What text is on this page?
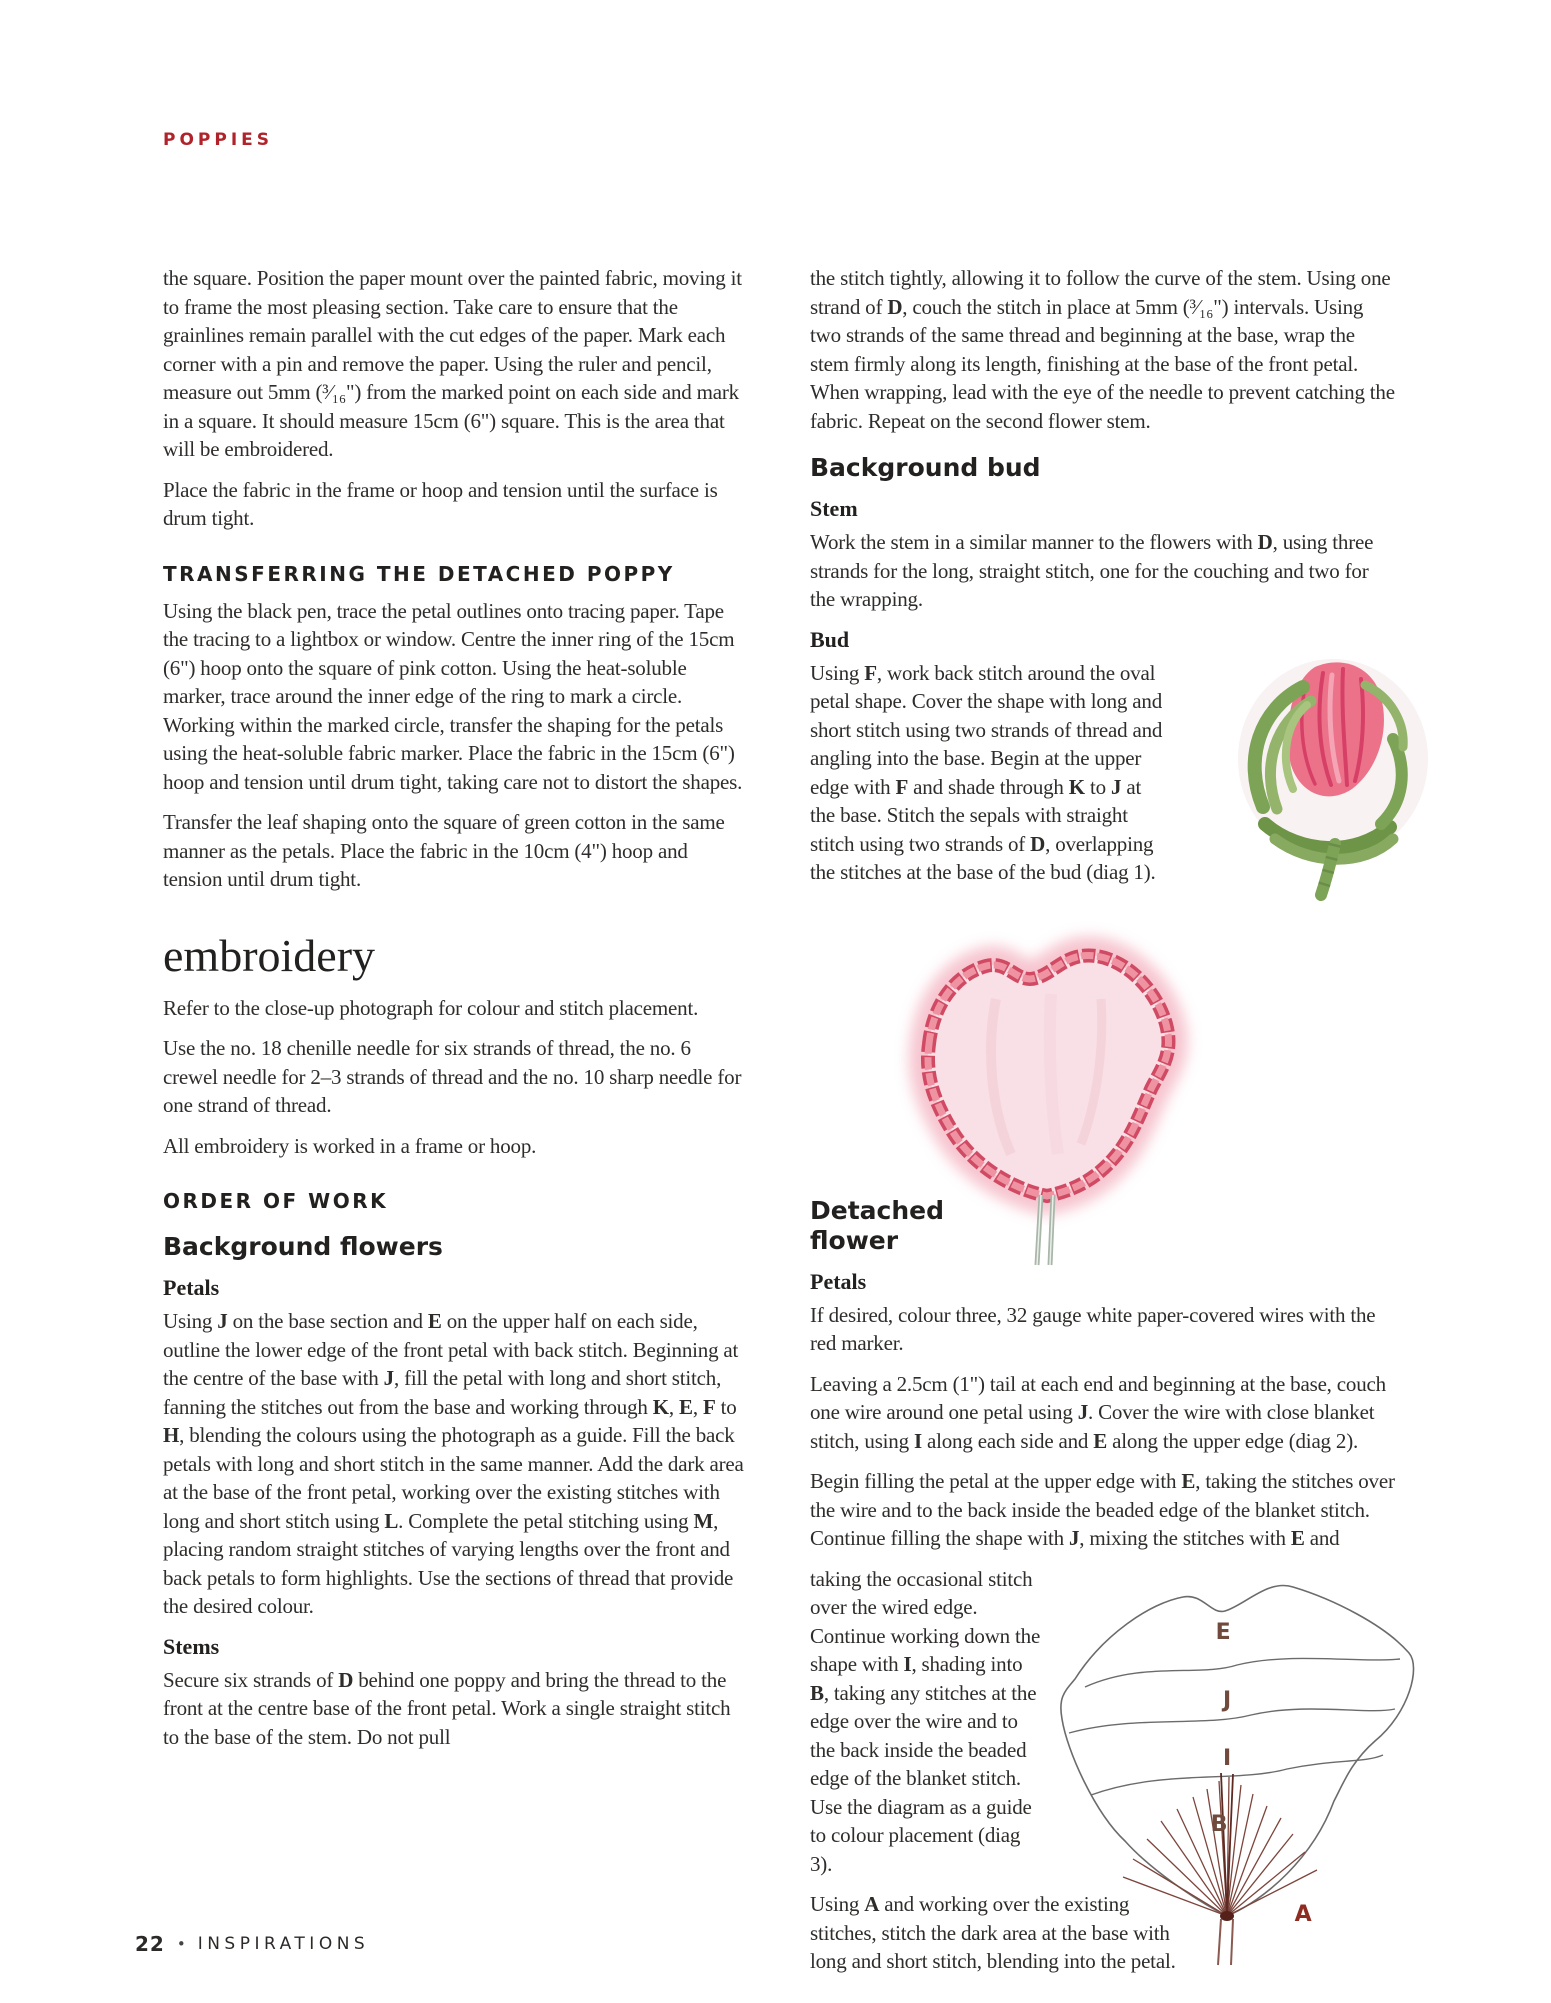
POPPIES

the square. Position the paper mount over the painted fabric, moving it to frame the most pleasing section. Take care to ensure that the grainlines remain parallel with the cut edges of the paper. Mark each corner with a pin and remove the paper. Using the ruler and pencil, measure out 5mm (³⁄₁₆") from the marked point on each side and mark in a square. It should measure 15cm (6") square. This is the area that will be embroidered.

Place the fabric in the frame or hoop and tension until the surface is drum tight.

TRANSFERRING THE DETACHED POPPY

Using the black pen, trace the petal outlines onto tracing paper. Tape the tracing to a lightbox or window. Centre the inner ring of the 15cm (6") hoop onto the square of pink cotton. Using the heat-soluble marker, trace around the inner edge of the ring to mark a circle. Working within the marked circle, transfer the shaping for the petals using the heat-soluble fabric marker. Place the fabric in the 15cm (6") hoop and tension until drum tight, taking care not to distort the shapes.

Transfer the leaf shaping onto the square of green cotton in the same manner as the petals. Place the fabric in the 10cm (4") hoop and tension until drum tight.

embroidery

Refer to the close-up photograph for colour and stitch placement.

Use the no. 18 chenille needle for six strands of thread, the no. 6 crewel needle for 2–3 strands of thread and the no. 10 sharp needle for one strand of thread.

All embroidery is worked in a frame or hoop.

ORDER OF WORK
Background flowers
Petals

Using J on the base section and E on the upper half on each side, outline the lower edge of the front petal with back stitch. Beginning at the centre of the base with J, fill the petal with long and short stitch, fanning the stitches out from the base and working through K, E, F to H, blending the colours using the photograph as a guide. Fill the back petals with long and short stitch in the same manner. Add the dark area at the base of the front petal, working over the existing stitches with long and short stitch using L. Complete the petal stitching using M, placing random straight stitches of varying lengths over the front and back petals to form highlights. Use the sections of thread that provide the desired colour.

Stems

Secure six strands of D behind one poppy and bring the thread to the front at the centre base of the front petal. Work a single straight stitch to the base of the stem. Do not pull

the stitch tightly, allowing it to follow the curve of the stem. Using one strand of D, couch the stitch in place at 5mm (³⁄₁₆") intervals. Using two strands of the same thread and beginning at the base, wrap the stem firmly along its length, finishing at the base of the front petal. When wrapping, lead with the eye of the needle to prevent catching the fabric. Repeat on the second flower stem.

Background bud
Stem

Work the stem in a similar manner to the flowers with D, using three strands for the long, straight stitch, one for the couching and two for the wrapping.

Bud

Using F, work back stitch around the oval petal shape. Cover the shape with long and short stitch using two strands of thread and angling into the base. Begin at the upper edge with F and shade through K to J at the base. Stitch the sepals with straight stitch using two strands of D, overlapping the stitches at the base of the bud (diag 1).

Detached flower
Petals

If desired, colour three, 32 gauge white paper-covered wires with the red marker.

Leaving a 2.5cm (1") tail at each end and beginning at the base, couch one wire around one petal using J. Cover the wire with close blanket stitch, using I along each side and E along the upper edge (diag 2).

Begin filling the petal at the upper edge with E, taking the stitches over the wire and to the back inside the beaded edge of the blanket stitch. Continue filling the shape with J, mixing the stitches with E and

E
J
I
B
A
taking the occasional stitch over the wired edge. Continue working down the shape with I, shading into B, taking any stitches at the edge over the wire and to the back inside the beaded edge of the blanket stitch. Use the diagram as a guide to colour placement (diag 3).

Using A and working over the existing stitches, stitch the dark area at the base with long and short stitch, blending into the petal.

22 • INSPIRATIONS
